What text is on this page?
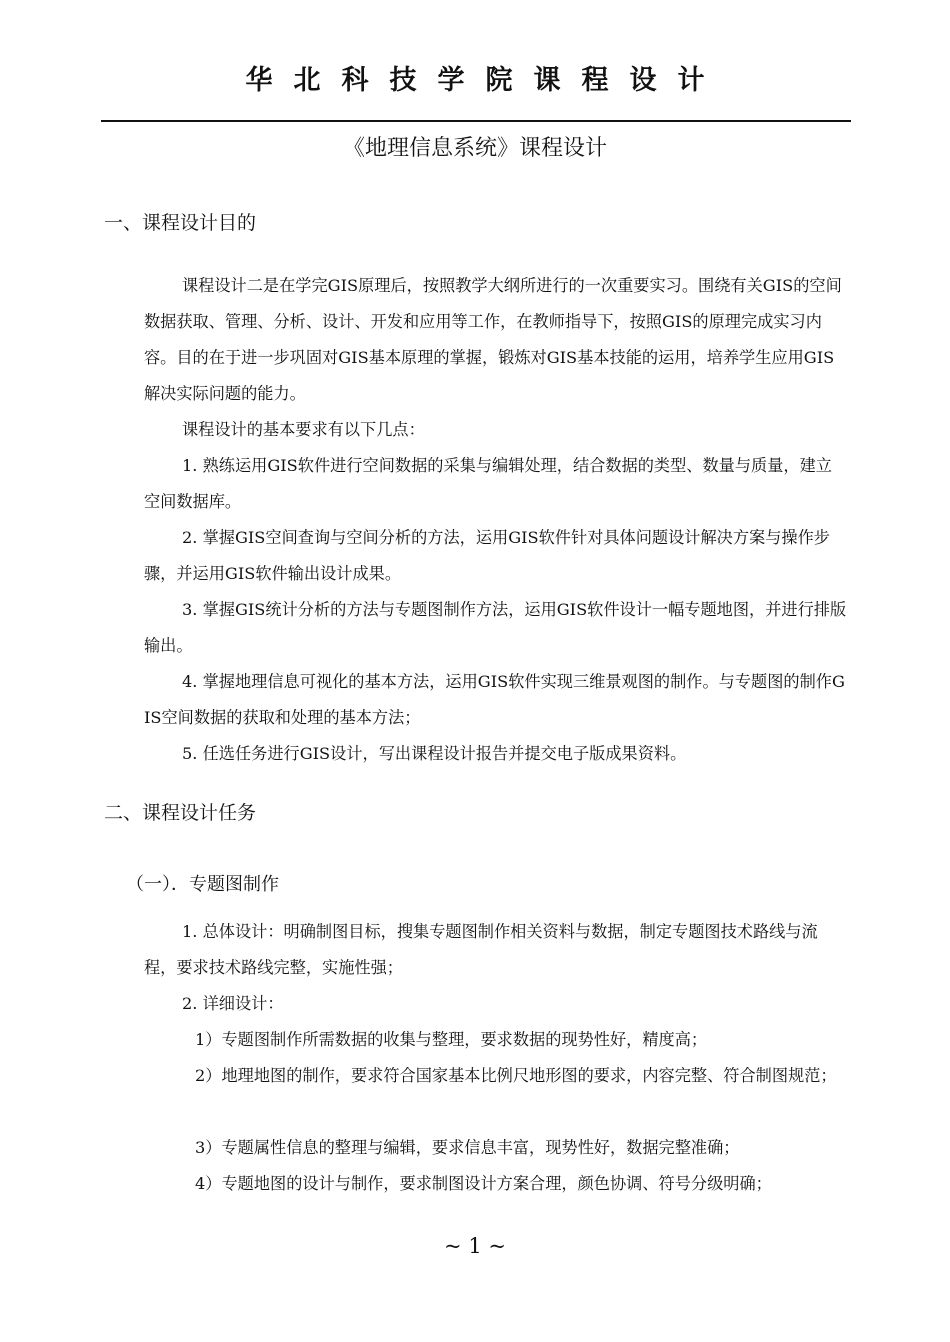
华北科技学院课程设计
《地理信息系统》课程设计
一、课程设计目的

课程设计二是在学完GIS原理后，按照教学大纲所进行的一次重要实习。围绕有关GIS的空间数据获取、管理、分析、设计、开发和应用等工作，在教师指导下，按照GIS的原理完成实习内容。目的在于进一步巩固对GIS基本原理的掌握，锻炼对GIS基本技能的运用，培养学生应用GIS解决实际问题的能力。

课程设计的基本要求有以下几点：

1. 熟练运用GIS软件进行空间数据的采集与编辑处理，结合数据的类型、数量与质量，建立空间数据库。

2. 掌握GIS空间查询与空间分析的方法，运用GIS软件针对具体问题设计解决方案与操作步骤，并运用GIS软件输出设计成果。

3. 掌握GIS统计分析的方法与专题图制作方法，运用GIS软件设计一幅专题地图，并进行排版输出。

4. 掌握地理信息可视化的基本方法，运用GIS软件实现三维景观图的制作。与专题图的制作GIS空间数据的获取和处理的基本方法；

5. 任选任务进行GIS设计，写出课程设计报告并提交电子版成果资料。

二、课程设计任务
（一）．专题图制作

1. 总体设计：明确制图目标，搜集专题图制作相关资料与数据，制定专题图技术路线与流程，要求技术路线完整，实施性强；

2. 详细设计：

1）专题图制作所需数据的收集与整理，要求数据的现势性好，精度高；

2）地理地图的制作，要求符合国家基本比例尺地形图的要求，内容完整、符合制图规范；

3）专题属性信息的整理与编辑，要求信息丰富，现势性好，数据完整准确；

4）专题地图的设计与制作，要求制图设计方案合理，颜色协调、符号分级明确；

~ 1 ~
